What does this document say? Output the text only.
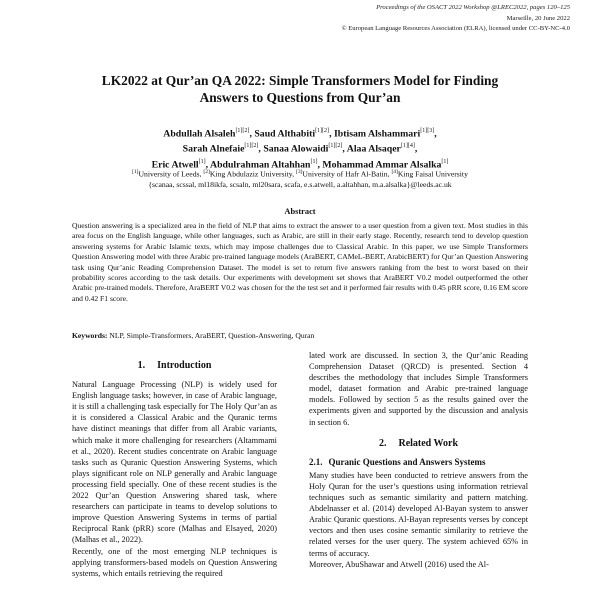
Proceedings of the OSACT 2022 Workshop @LREC2022, pages 120–125
Marseille, 20 June 2022
© European Language Resources Association (ELRA), licensed under CC-BY-NC-4.0
LK2022 at Qur’an QA 2022: Simple Transformers Model for Finding
Answers to Questions from Qur’an
Abdullah Alsaleh[1][2], Saud Althabiti[1][2], Ibtisam Alshammari[1][3],
Sarah Alnefaie[1][2], Sanaa Alowaidi[1][2], Alaa Alsaqer[1][4],
Eric Atwell[1], Abdulrahman Altahhan[1], Mohammad Ammar Alsalka[1]
[1]University of Leeds, [2]King Abdulaziz University, [3]University of Hafr Al-Batin, [4]King Faisal University
{scanaa, scssal, ml18ikfa, scsaln, ml20sara, scafa, e.s.atwell, a.altahhan, m.a.alsalka}@leeds.ac.uk
Abstract
Question answering is a specialized area in the field of NLP that aims to extract the answer to a user question from a given text. Most studies in this area focus on the English language, while other languages, such as Arabic, are still in their early stage. Recently, research tend to develop question answering systems for Arabic Islamic texts, which may impose challenges due to Classical Arabic. In this paper, we use Simple Transformers Question Answering model with three Arabic pre-trained language models (AraBERT, CAMeL-BERT, ArabicBERT) for Qur’an Question Answering task using Qur’anic Reading Comprehension Dataset. The model is set to return five answers ranking from the best to worst based on their probability scores according to the task details. Our experiments with development set shows that AraBERT V0.2 model outperformed the other Arabic pre-trained models. Therefore, AraBERT V0.2 was chosen for the the test set and it performed fair results with 0.45 pRR score, 0.16 EM score and 0.42 F1 score.
Keywords: NLP, Simple-Transformers, AraBERT, Question-Answering, Quran
1. Introduction

Natural Language Processing (NLP) is widely used for English language tasks; however, in case of Arabic language, it is still a challenging task especially for The Holy Qur’an as it is considered a Classical Arabic and the Quranic terms have distinct meanings that differ from all Arabic variants, which make it more challenging for researchers (Altammami et al., 2020). Recent studies concentrate on Arabic language tasks such as Quranic Question Answering Systems, which plays significant role on NLP generally and Arabic language processing field specially. One of these recent studies is the 2022 Qur’an Question Answering shared task, where researchers can participate in teams to develop solutions to improve Question Answering Systems in terms of partial Reciprocal Rank (pRR) score (Malhas and Elsayed, 2020) (Malhas et al., 2022).

Recently, one of the most emerging NLP techniques is applying transformers-based models on Question Answering systems, which entails retrieving the required

lated work are discussed. In section 3, the Qur’anic Reading Comprehension Dataset (QRCD) is presented. Section 4 describes the methodology that includes Simple Transformers model, dataset formation and Arabic pre-trained language models. Followed by section 5 as the results gained over the experiments given and supported by the discussion and analysis in section 6.

2. Related Work
2.1. Quranic Questions and Answers Systems

Many studies have been conducted to retrieve answers from the Holy Quran for the user’s questions using information retrieval techniques such as semantic similarity and pattern matching. Abdelnasser et al. (2014) developed Al-Bayan system to answer Arabic Quranic questions. Al-Bayan represents verses by concept vectors and then uses cosine semantic similarity to retrieve the related verses for the user query. The system achieved 65% in terms of accuracy.

Moreover, AbuShawar and Atwell (2016) used the Al-
